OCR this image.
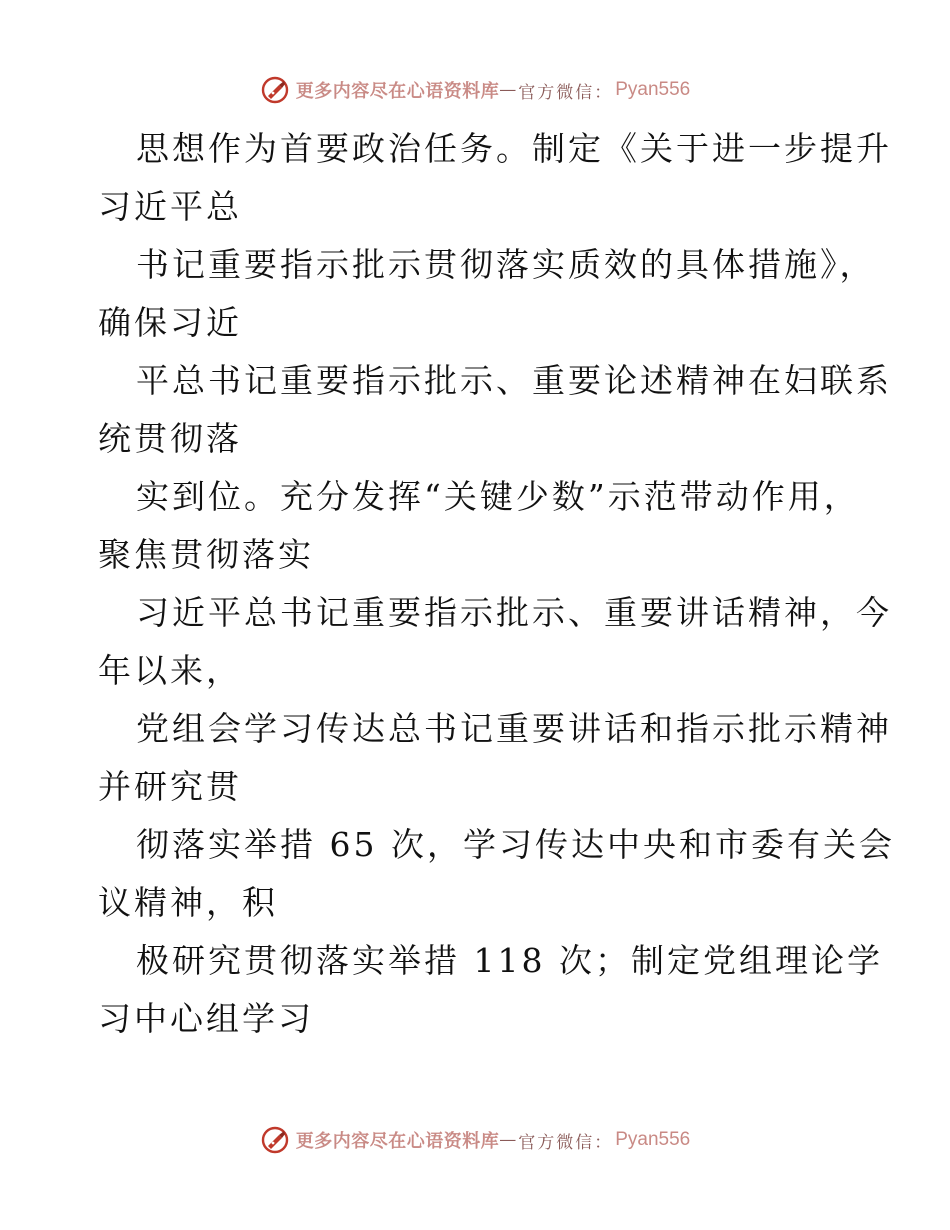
更多内容尽在心语资料库 — 官方微信： Pyan556
思想作为首要政治任务。制定《关于进一步提升
习近平总
书记重要指示批示贯彻落实质效的具体措施》，
确保习近
平总书记重要指示批示、重要论述精神在妇联系
统贯彻落
实到位。充分发挥“关键少数”示范带动作用，
聚焦贯彻落实
习近平总书记重要指示批示、重要讲话精神，今
年以来，
党组会学习传达总书记重要讲话和指示批示精神
并研究贯
彻落实举措 65 次，学习传达中央和市委有关会
议精神，积
极研究贯彻落实举措 118 次；制定党组理论学
习中心组学习
更多内容尽在心语资料库 — 官方微信： Pyan556
